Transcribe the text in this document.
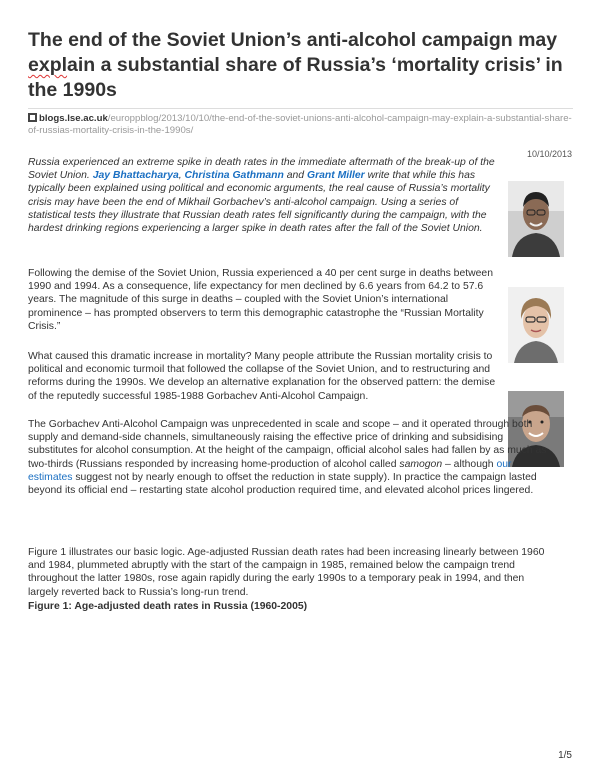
The end of the Soviet Union’s anti-alcohol campaign may
explain a substantial share of Russia’s ‘mortality crisis’ in
the 1990s
blogs.lse.ac.uk/europpblog/2013/10/10/the-end-of-the-soviet-unions-anti-alcohol-campaign-may-explain-a-substantial-share-of-russias-mortality-crisis-in-the-1990s/
10/10/2013

Russia experienced an extreme spike in death rates in the immediate aftermath of the break-up of the Soviet Union. Jay Bhattacharya, Christina Gathmann and Grant Miller write that while this has typically been explained using political and economic arguments, the real cause of Russia’s mortality crisis may have been the end of Mikhail Gorbachev’s anti-alcohol campaign. Using a series of statistical tests they illustrate that Russian death rates fell significantly during the campaign, with the hardest drinking regions experiencing a larger spike in death rates after the fall of the Soviet Union.

Following the demise of the Soviet Union, Russia experienced a 40 per cent surge in deaths between 1990 and 1994. As a consequence, life expectancy for men declined by 6.6 years from 64.2 to 57.6 years. The magnitude of this surge in deaths – coupled with the Soviet Union’s international prominence – has prompted observers to term this demographic catastrophe the “Russian Mortality Crisis.”

What caused this dramatic increase in mortality? Many people attribute the Russian mortality crisis to political and economic turmoil that followed the collapse of the Soviet Union, and to restructuring and reforms during the 1990s. We develop an alternative explanation for the observed pattern: the demise of the reputedly successful 1985-1988 Gorbachev Anti-Alcohol Campaign.

The Gorbachev Anti-Alcohol Campaign was unprecedented in scale and scope – and it operated through both supply and demand-side channels, simultaneously raising the effective price of drinking and subsidising substitutes for alcohol consumption. At the height of the campaign, official alcohol sales had fallen by as much as two-thirds (Russians responded by increasing home-production of alcohol called samogon – although our estimates suggest not by nearly enough to offset the reduction in state supply). In practice the campaign lasted beyond its official end – restarting state alcohol production required time, and elevated alcohol prices lingered.

Figure 1 illustrates our basic logic. Age-adjusted Russian death rates had been increasing linearly between 1960 and 1984, plummeted abruptly with the start of the campaign in 1985, remained below the campaign trend throughout the latter 1980s, rose again rapidly during the early 1990s to a temporary peak in 1994, and then largely reverted back to Russia’s long-run trend.

Figure 1: Age-adjusted death rates in Russia (1960-2005)

1/5
